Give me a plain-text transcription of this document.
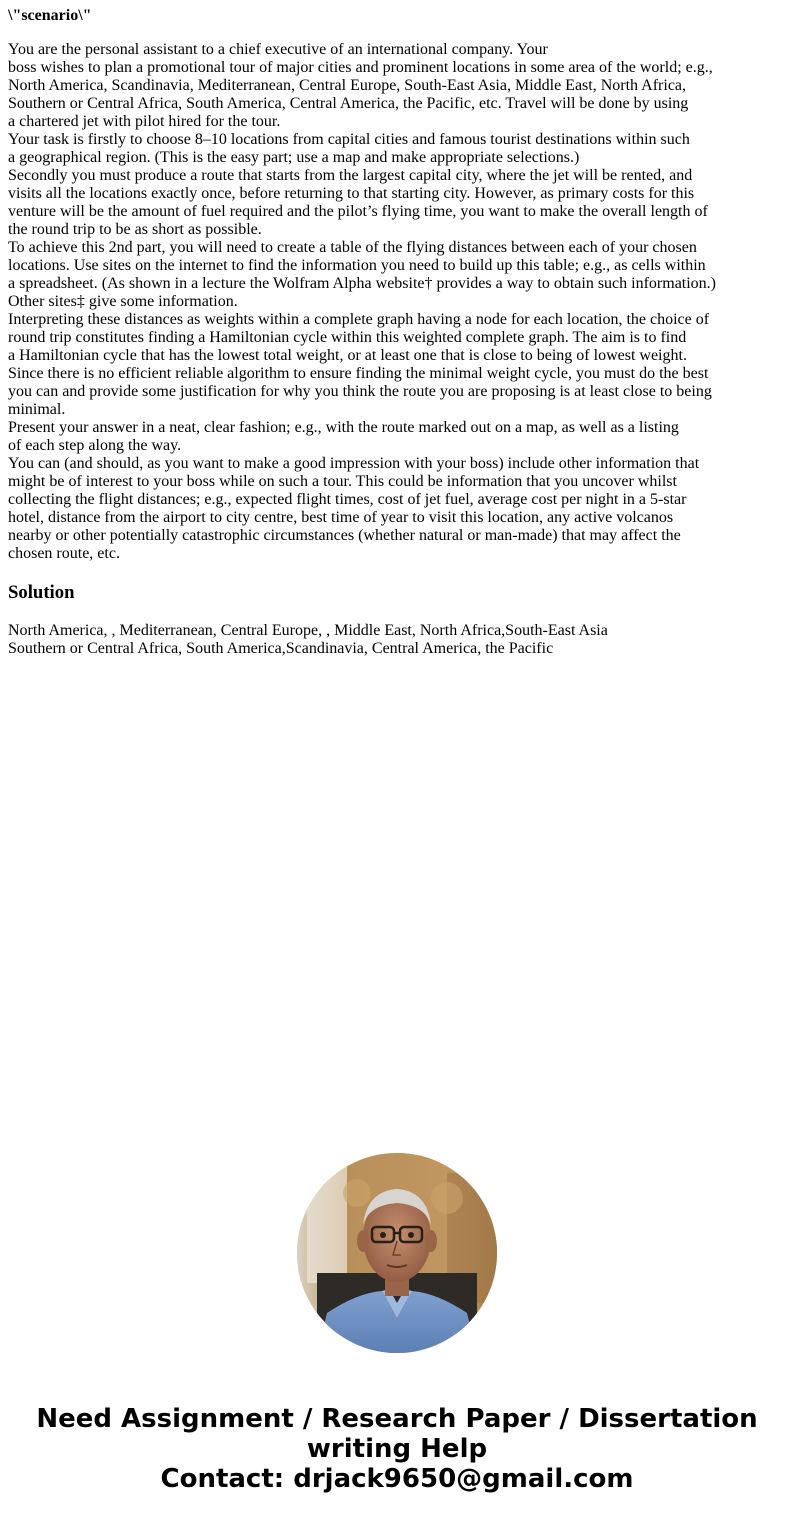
\"scenario\"
You are the personal assistant to a chief executive of an international company. Your
boss wishes to plan a promotional tour of major cities and prominent locations in some area of the world; e.g.,
North America, Scandinavia, Mediterranean, Central Europe, South-East Asia, Middle East, North Africa,
Southern or Central Africa, South America, Central America, the Pacific, etc. Travel will be done by using
a chartered jet with pilot hired for the tour.
Your task is firstly to choose 8–10 locations from capital cities and famous tourist destinations within such
a geographical region. (This is the easy part; use a map and make appropriate selections.)
Secondly you must produce a route that starts from the largest capital city, where the jet will be rented, and
visits all the locations exactly once, before returning to that starting city. However, as primary costs for this
venture will be the amount of fuel required and the pilot’s flying time, you want to make the overall length of
the round trip to be as short as possible.
To achieve this 2nd part, you will need to create a table of the flying distances between each of your chosen
locations. Use sites on the internet to find the information you need to build up this table; e.g., as cells within
a spreadsheet. (As shown in a lecture the Wolfram Alpha website† provides a way to obtain such information.)
Other sites‡ give some information.
Interpreting these distances as weights within a complete graph having a node for each location, the choice of
round trip constitutes finding a Hamiltonian cycle within this weighted complete graph. The aim is to find
a Hamiltonian cycle that has the lowest total weight, or at least one that is close to being of lowest weight.
Since there is no efficient reliable algorithm to ensure finding the minimal weight cycle, you must do the best
you can and provide some justification for why you think the route you are proposing is at least close to being
minimal.
Present your answer in a neat, clear fashion; e.g., with the route marked out on a map, as well as a listing
of each step along the way.
You can (and should, as you want to make a good impression with your boss) include other information that
might be of interest to your boss while on such a tour. This could be information that you uncover whilst
collecting the flight distances; e.g., expected flight times, cost of jet fuel, average cost per night in a 5-star
hotel, distance from the airport to city centre, best time of year to visit this location, any active volcanos
nearby or other potentially catastrophic circumstances (whether natural or man-made) that may affect the
chosen route, etc.
Solution
North America, , Mediterranean, Central Europe, , Middle East, North Africa,South-East Asia
Southern or Central Africa, South America,Scandinavia, Central America, the Pacific
Need Assignment / Research Paper / Dissertation
writing Help
Contact: drjack9650@gmail.com
